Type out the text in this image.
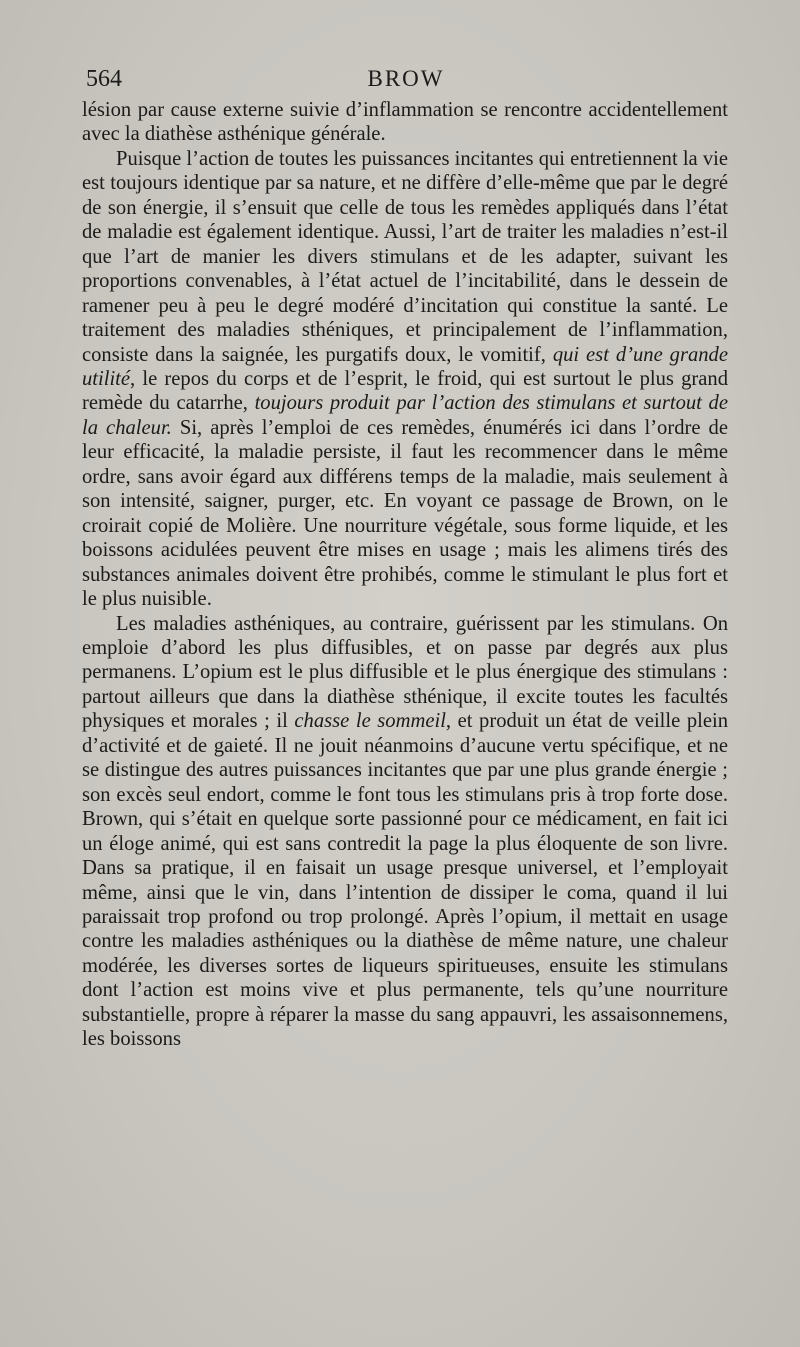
564	BROW

lésion par cause externe suivie d’inflammation se rencontre accidentellement avec la diathèse asthénique générale.

Puisque l’action de toutes les puissances incitantes qui entretiennent la vie est toujours identique par sa nature, et ne diffère d’elle-même que par le degré de son énergie, il s’ensuit que celle de tous les remèdes appliqués dans l’état de maladie est également identique. Aussi, l’art de traiter les maladies n’est-il que l’art de manier les divers stimulans et de les adapter, suivant les proportions convenables, à l’état actuel de l’incitabilité, dans le dessein de ramener peu à peu le degré modéré d’incitation qui constitue la santé. Le traitement des maladies sthéniques, et principalement de l’inflammation, consiste dans la saignée, les purgatifs doux, le vomitif, qui est d’une grande utilité, le repos du corps et de l’esprit, le froid, qui est surtout le plus grand remède du catarrhe, toujours produit par l’action des stimulans et surtout de la chaleur. Si, après l’emploi de ces remèdes, énumérés ici dans l’ordre de leur efficacité, la maladie persiste, il faut les recommencer dans le même ordre, sans avoir égard aux différens temps de la maladie, mais seulement à son intensité, saigner, purger, etc. En voyant ce passage de Brown, on le croirait copié de Molière. Une nourriture végétale, sous forme liquide, et les boissons acidulées peuvent être mises en usage ; mais les alimens tirés des substances animales doivent être prohibés, comme le stimulant le plus fort et le plus nuisible.

Les maladies asthéniques, au contraire, guérissent par les stimulans. On emploie d’abord les plus diffusibles, et on passe par degrés aux plus permanens. L’opium est le plus diffusible et le plus énergique des stimulans : partout ailleurs que dans la diathèse sthénique, il excite toutes les facultés physiques et morales ; il chasse le sommeil, et produit un état de veille plein d’activité et de gaieté. Il ne jouit néanmoins d’aucune vertu spécifique, et ne se distingue des autres puissances incitantes que par une plus grande énergie ; son excès seul endort, comme le font tous les stimulans pris à trop forte dose. Brown, qui s’était en quelque sorte passionné pour ce médicament, en fait ici un éloge animé, qui est sans contredit la page la plus éloquente de son livre. Dans sa pratique, il en faisait un usage presque universel, et l’employait même, ainsi que le vin, dans l’intention de dissiper le coma, quand il lui paraissait trop profond ou trop prolongé. Après l’opium, il mettait en usage contre les maladies asthéniques ou la diathèse de même nature, une chaleur modérée, les diverses sortes de liqueurs spiritueuses, ensuite les stimulans dont l’action est moins vive et plus permanente, tels qu’une nourriture substantielle, propre à réparer la masse du sang appauvri, les assaisonnemens, les boissons
